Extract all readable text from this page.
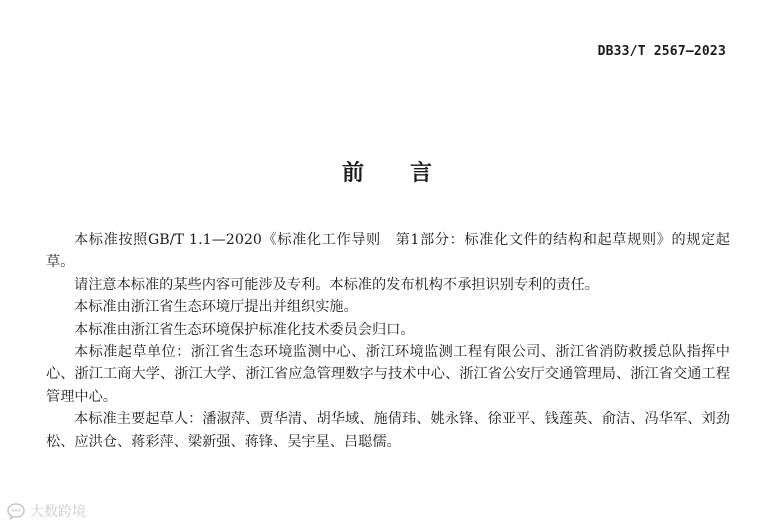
DB33/T 2567—2023
前 言

本标准按照GB/T 1.1—2020《标准化工作导则　第1部分：标准化文件的结构和起草规则》的规定起草。

请注意本标准的某些内容可能涉及专利。本标准的发布机构不承担识别专利的责任。

本标准由浙江省生态环境厅提出并组织实施。

本标准由浙江省生态环境保护标准化技术委员会归口。

本标准起草单位：浙江省生态环境监测中心、浙江环境监测工程有限公司、浙江省消防救援总队指挥中心、浙江工商大学、浙江大学、浙江省应急管理数字与技术中心、浙江省公安厅交通管理局、浙江省交通工程管理中心。

本标准主要起草人：潘淑萍、贾华清、胡华域、施倩玮、姚永锋、徐亚平、钱莲英、俞洁、冯华军、刘劲松、应洪仓、蒋彩萍、梁新强、蒋锋、吴宇星、吕聪儒。

大数跨境
